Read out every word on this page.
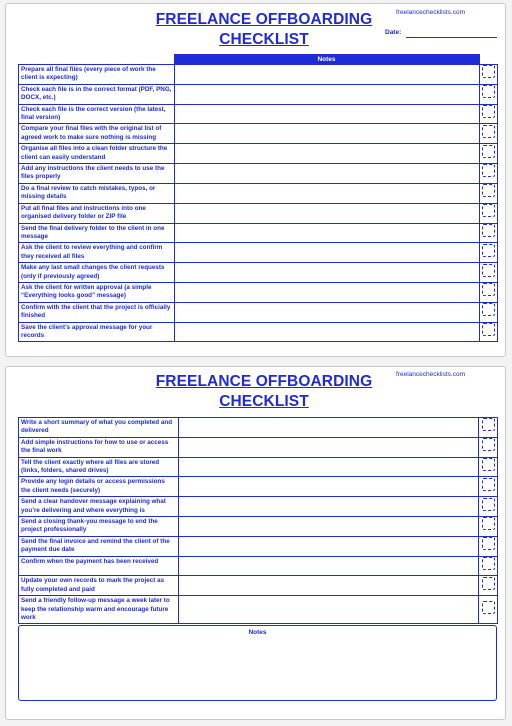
FREELANCE OFFBOARDING
CHECKLIST
freelancechecklists.com
Date:
	Notes	
Prepare all final files (every piece of work the client is expecting)		
Check each file is in the correct format (PDF, PNG, DOCX, etc.)		
Check each file is the correct version (the latest, final version)		
Compare your final files with the original list of agreed work to make sure nothing is missing		
Organise all files into a clean folder structure the client can easily understand		
Add any instructions the client needs to use the files properly		
Do a final review to catch mistakes, typos, or missing details		
Put all final files and instructions into one organised delivery folder or ZIP file		
Send the final delivery folder to the client in one message		
Ask the client to review everything and confirm they received all files		
Make any last small changes the client requests (only if previously agreed)		
Ask the client for written approval (a simple “Everything looks good” message)		
Confirm with the client that the project is officially finished		
Save the client’s approval message for your records		
FREELANCE OFFBOARDING
CHECKLIST
freelancechecklists.com
Write a short summary of what you completed and delivered		
Add simple instructions for how to use or access the final work		
Tell the client exactly where all files are stored (links, folders, shared drives)		
Provide any login details or access permissions the client needs (securely)		
Send a clear handover message explaining what you’re delivering and where everything is		
Send a closing thank-you message to end the project professionally		
Send the final invoice and remind the client of the payment due date		
Confirm when the payment has been received		
Update your own records to mark the project as fully completed and paid		
Send a friendly follow-up message a week later to keep the relationship warm and encourage future work		
Notes
